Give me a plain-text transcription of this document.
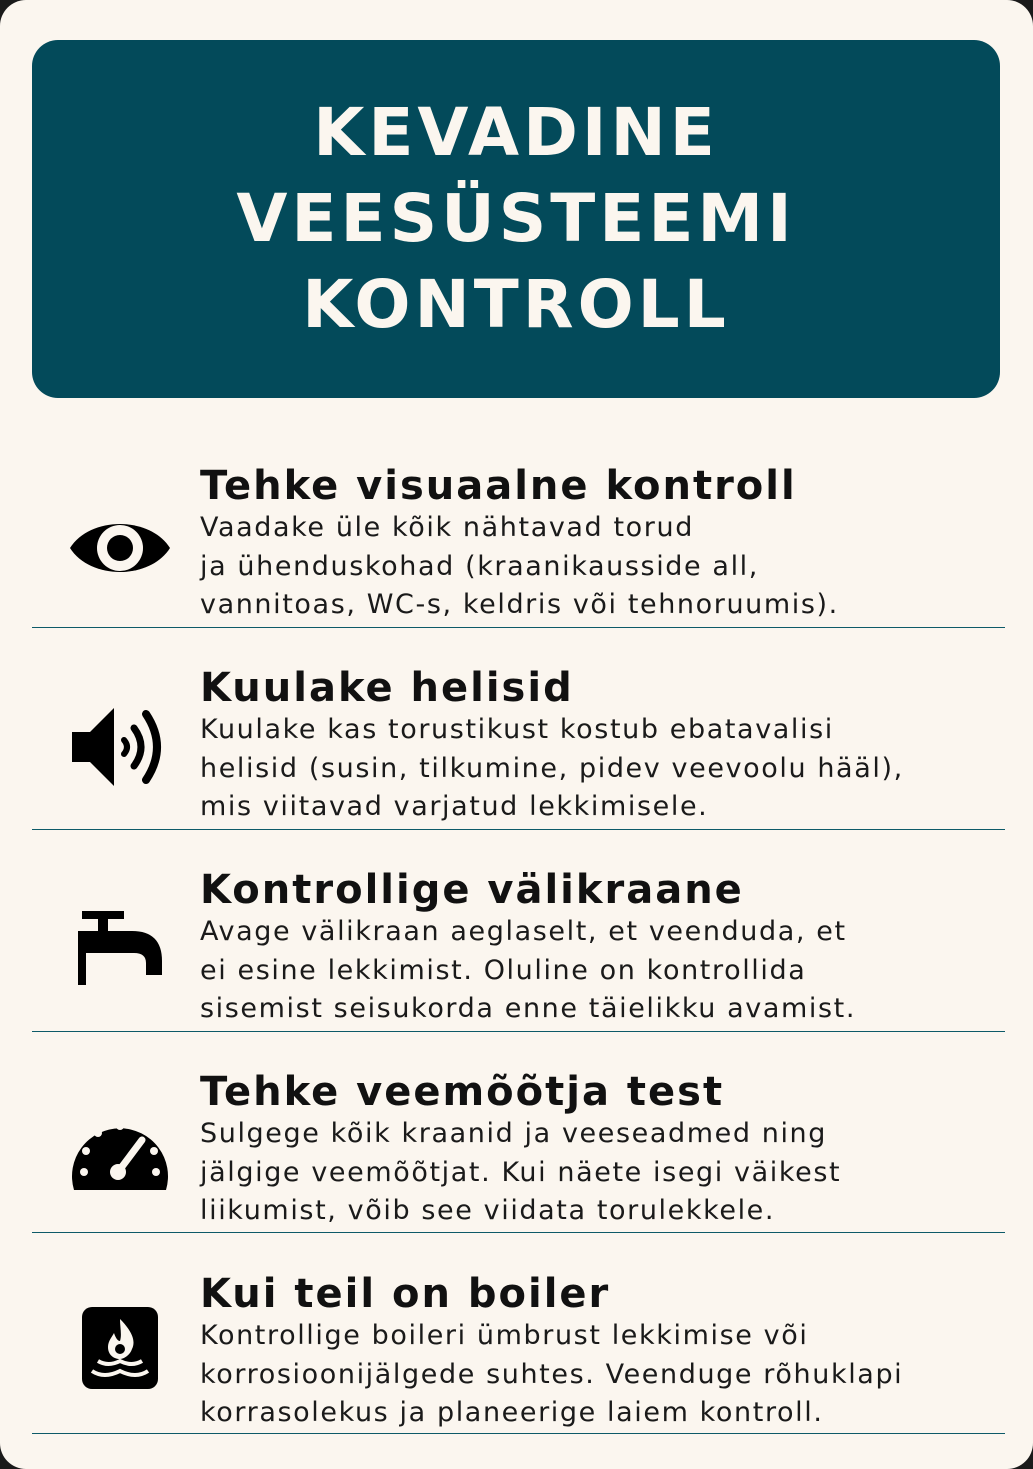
KEVADINE
VEESÜSTEEMI
KONTROLL
Tehke visuaalne kontroll
Vaadake üle kõik nähtavad torud
ja ühenduskohad (kraanikausside all,
vannitoas, WC-s, keldris või tehnoruumis).
Kuulake helisid
Kuulake kas torustikust kostub ebatavalisi
helisid (susin, tilkumine, pidev veevoolu hääl),
mis viitavad varjatud lekkimisele.
Kontrollige välikraane
Avage välikraan aeglaselt, et veenduda, et
ei esine lekkimist. Oluline on kontrollida
sisemist seisukorda enne täielikku avamist.
Tehke veemõõtja test
Sulgege kõik kraanid ja veeseadmed ning
jälgige veemõõtjat. Kui näete isegi väikest
liikumist, võib see viidata torulekkele.
Kui teil on boiler
Kontrollige boileri ümbrust lekkimise või
korrosioonijälgede suhtes. Veenduge rõhuklapi
korrasolekus ja planeerige laiem kontroll.
